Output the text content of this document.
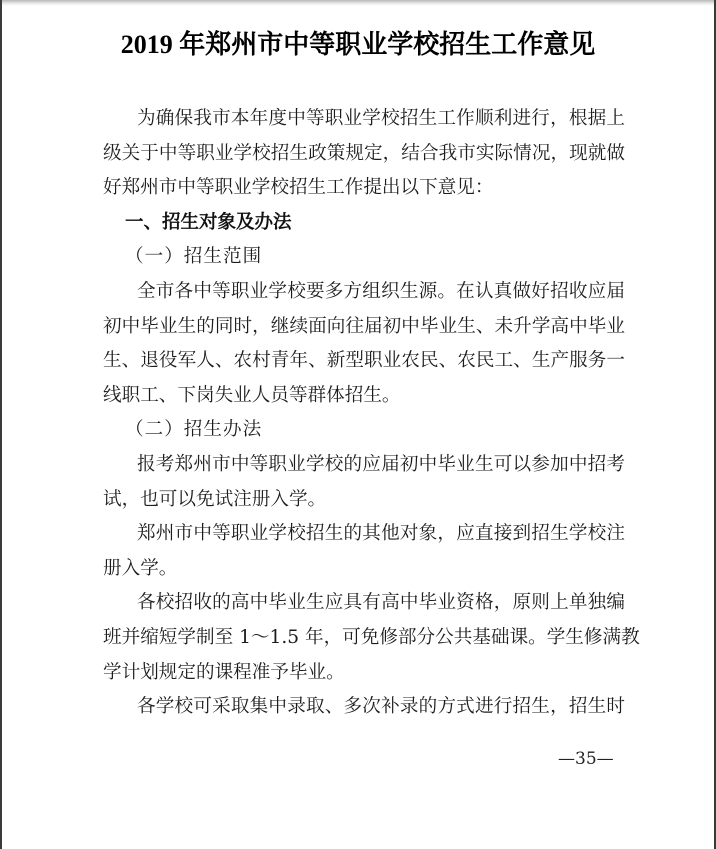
2019 年郑州市中等职业学校招生工作意见
为确保我市本年度中等职业学校招生工作顺利进行，根据上
级关于中等职业学校招生政策规定，结合我市实际情况，现就做
好郑州市中等职业学校招生工作提出以下意见：
一、招生对象及办法
（一）招生范围
全市各中等职业学校要多方组织生源。在认真做好招收应届
初中毕业生的同时，继续面向往届初中毕业生、未升学高中毕业
生、退役军人、农村青年、新型职业农民、农民工、生产服务一
线职工、下岗失业人员等群体招生。
（二）招生办法
报考郑州市中等职业学校的应届初中毕业生可以参加中招考
试，也可以免试注册入学。
郑州市中等职业学校招生的其他对象，应直接到招生学校注
册入学。
各校招收的高中毕业生应具有高中毕业资格，原则上单独编
班并缩短学制至 1～1.5 年，可免修部分公共基础课。学生修满教
学计划规定的课程准予毕业。
各学校可采取集中录取、多次补录的方式进行招生，招生时
—35—
